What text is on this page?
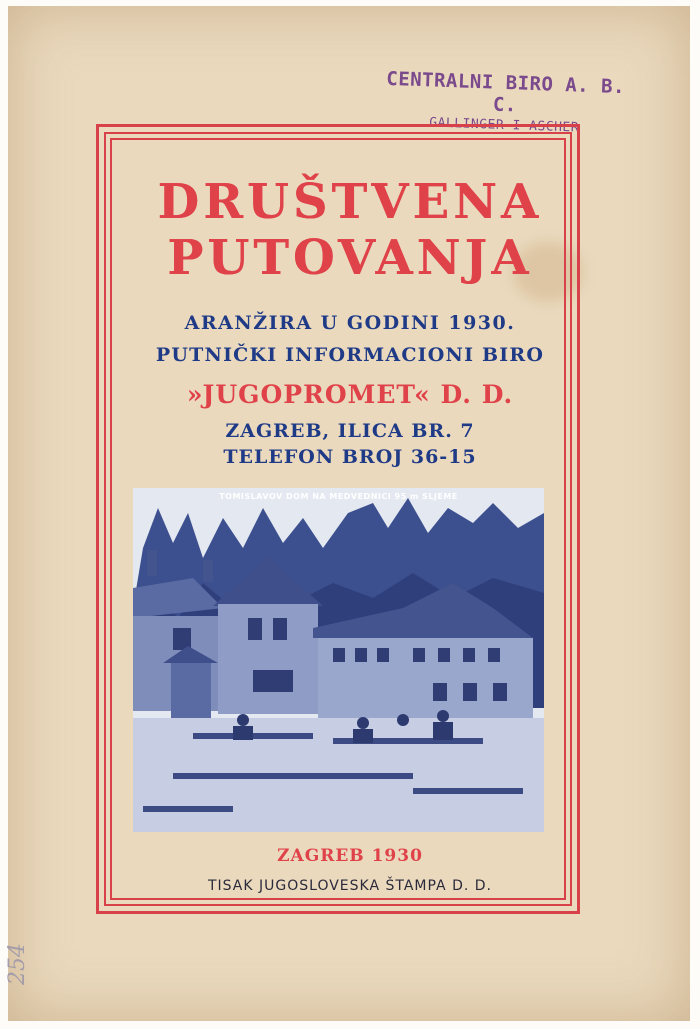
CENTRALNI BIRO A. B. C.
GALLINGER I ASCHER
DRUŠTVENA
PUTOVANJA
ARANŽIRA U GODINI 1930.
PUTNIČKI INFORMACIONI BIRO
»JUGOPROMET« D. D.
ZAGREB, ILICA BR. 7
TELEFON BROJ 36-15
TOMISLAVOV DOM NA MEDVEDNICI 95 m SLJEME
ZAGREB 1930
TISAK JUGOSLOVESKA ŠTAMPA D. D.
254
